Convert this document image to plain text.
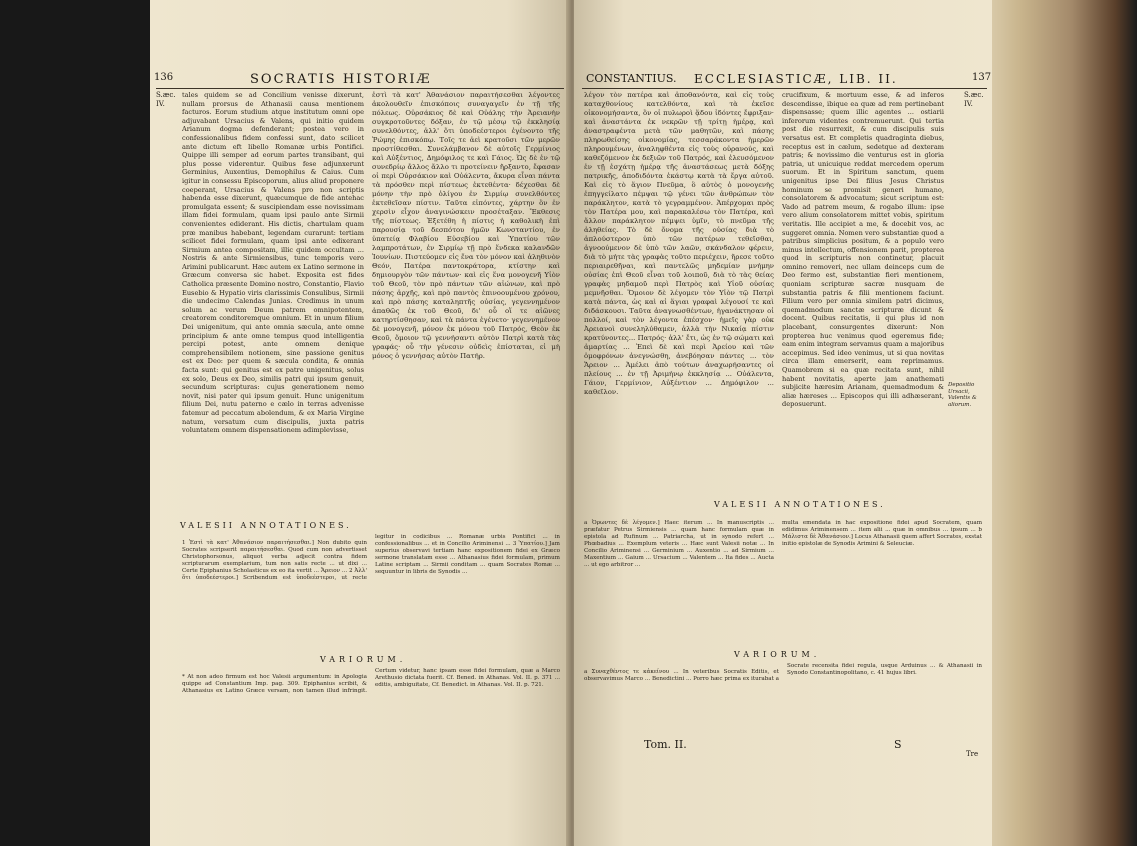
136	SOCRATIS HISTORIÆ
S.æc.
IV.

tales quidem se ad Concilium venisse dixerunt, nullam prorsus de Athanasii causa mentionem facturos. Eorum studium atque institutum omni ope adjuvabant Ursacius & Valens, qui initio quidem Arianum dogma defenderant; postea vero in confessionalibus fidem confessi sunt, dato scilicet ante dictum eft libello Romanæ urbis Pontifici. Quippe illi semper ad eorum partes transibant, qui plus posse viderentur. Quibus fese adjunxerunt Germinius, Auxentius, Demophilus & Caius. Cum igitur in consessu Episcoporum, alius aliud proponere coeperant, Ursacius & Valens pro non scriptis habenda esse dixerunt, quæcumque de fide antehac promulgata essent; & suscipiendam esse novissimam illam fidei formulam, quam ipsi paulo ante Sirmii convenientes ediderant. His dictis, chartulam quam præ manibus habebant, legendam curarunt: tertiam scilicet fidei formulam, quam ipsi ante edixerant Sirmium antea compositam, illic quidem occultam ... Nostris & ante Sirmiensibus, tunc temporis vero Arimini publicarunt. Hæc autem ex Latino sermone in Græcum conversa sic habet. Exposita est fides Catholica præsente Domino nostro, Constantio, Flavio Eusebio & Hypatio viris clarissimis Consulibus, Sirmii die undecimo Calendas Junias. Credimus in unum solum ac verum Deum patrem omnipotentem, creatorem conditoremque omnium. Et in unum filium Dei unigenitum, qui ante omnia sæcula, ante omne principium & ante omne tempus quod intelligentia percipi potest, ante omnem denique comprehensibilem notionem, sine passione genitus est ex Deo: per quem & sæcula condita, & omnia facta sunt: qui genitus est ex patre unigenitus, solus ex solo, Deus ex Deo, similis patri qui ipsum genuit, secundum scripturas: cujus generationem nemo novit, nisi pater qui ipsum genuit. Hunc unigenitum filium Dei, nutu paterno e cælo in terras advenisse fatemur ad peccatum abolendum, & ex Maria Virgine natum, versatum cum discipulis, juxta patris voluntatem omnem dispensationem adimplevisse,

ἐστὶ τὰ κατ' Ἀθανάσιον παραιτήσεσθαι λέγοντες ἀκολουθεῖν ἐπισκόποις συναγαγεῖν ἐν τῇ τῆς πόλεως. Οὐρσάκιος δὲ καὶ Οὐάλης τὴν Ἀρειανὴν συγκροτοῦντες δόξαν, ἐν τῷ μέσῳ τῷ ἐκκλησίᾳ συνελθόντες, ἀλλ' ὅτι ὑποδεέστεροι ἐγένοντο τῆς Ῥώμης ἐπισκόπῳ. Τοῖς τε ἀεὶ κρατοῦσι τῶν μερῶν προστίθεσθαι. Συνελάμβανον δὲ αὐτοῖς Γερμίνιος καὶ Αὐξέντιος, Δημόφιλος τε καὶ Γάιος. Ὡς δὲ ἐν τῷ συνεδρίῳ ἄλλος ἄλλο τι προτείνειν ἤρξαντο, ἔφασαν οἱ περὶ Οὐρσάκιον καὶ Οὐάλεντα, ἄκυρα εἶναι πάντα τὰ πρόσθεν περὶ πίστεως ἐκτεθέντα· δέχεσθαι δὲ μόνην τὴν πρὸ ὀλίγου ἐν Σιρμίῳ συνελθόντες ἐκτεθεῖσαν πίστιν. Ταῦτα εἰπόντες, χάρτην ὃν ἐν χερσὶν εἶχον ἀναγινώσκειν προσέταξαν. Ἔκθεσις τῆς πίστεως. Ἐξετέθη ἡ πίστις ἡ καθολικὴ ἐπὶ παρουσίᾳ τοῦ δεσπότου ἡμῶν Κωνσταντίου, ἐν ὑπατείᾳ Φλαβίου Εὐσεβίου καὶ Ὑπατίου τῶν λαμπροτάτων, ἐν Σιρμίῳ τῇ πρὸ ἕνδεκα καλανδῶν Ἰουνίων. Πιστεύομεν εἰς ἕνα τὸν μόνον καὶ ἀληθινὸν Θεόν, Πατέρα παντοκράτορα, κτίστην καὶ δημιουργὸν τῶν πάντων· καὶ εἰς ἕνα μονογενῆ Υἱὸν τοῦ Θεοῦ, τὸν πρὸ πάντων τῶν αἰώνων, καὶ πρὸ πάσης ἀρχῆς, καὶ πρὸ παντὸς ἐπινοουμένου χρόνου, καὶ πρὸ πάσης καταληπτῆς οὐσίας, γεγεννημένον ἀπαθῶς ἐκ τοῦ Θεοῦ, δι' οὗ οἵ τε αἰῶνες κατηρτίσθησαν, καὶ τὰ πάντα ἐγένετο· γεγεννημένον δὲ μονογενῆ, μόνον ἐκ μόνου τοῦ Πατρός, Θεὸν ἐκ Θεοῦ, ὅμοιον τῷ γεννήσαντι αὐτὸν Πατρὶ κατὰ τὰς γραφάς· οὗ τὴν γένεσιν οὐδεὶς ἐπίσταται, εἰ μὴ μόνος ὁ γεννήσας αὐτὸν Πατήρ.

VALESII ANNOTATIONES.

1 Ἐστὶ τὰ κατ' Ἀθανάσιον παραιτήσεσθαι.] Non dubito quin Socrates scripserit παραιτήσεσθαι. Quod cum non advertisset Christophorsonus, aliquot verba adjecit contra fidem scripturarum exemplarium, tum non satis recte ... ut dixi ... Certe Epiphanius Scholasticus ex eo ita vertit ... Ἄρειον ... 2 Ἀλλ' ὅτι ὑποδεέστεροι.] Scribendum est ὑποδεέστεροι, ut recte legitur in codicibus ... Romanæ urbis Pontifici ... in confessionalibus ... et in Concilio Ariminensi ... 3 Ὑπατίου.] Jam superius observavi tertiam hanc expositionem fidei ex Græco sermone translatam esse ... Athanasius fidei formulam, primum Latine scriptam ... Sirmii conditam ... quam Socrates Romæ ... sequuntur in libris de Synodis ...

VARIORUM.

* At non adeo firmum est hoc Valesii argumentum: in Apologia quippe ad Constantium Imp. pag. 309. Epiphanius scribit, & Athanasius ex Latino Græce versam, non tamen illud infringit. Certum videtur, hanc ipsam esse fidei formulam, quæ a Marco Arethusio dictata fuerit. Cf. Bened. in Athanas. Vol. II. p. 371 ... editis, ambiguitate, Cf. Benedict. in Athanas. Vol. II. p. 721.

CONSTANTIUS. ECCLESIASTICÆ, LIB. II.	137
S.æc.
IV.

λέγον τὸν πατέρα καὶ ἀποθανόντα, καὶ εἰς τοὺς καταχθονίους κατελθόντα, καὶ τὰ ἐκεῖσε οἰκονομήσαντα, ὃν οἱ πυλωροὶ ᾅδου ἰδόντες ἔφριξαν· καὶ ἀναστάντα ἐκ νεκρῶν τῇ τρίτῃ ἡμέρᾳ, καὶ ἀναστραφέντα μετὰ τῶν μαθητῶν, καὶ πάσης πληρωθείσης οἰκονομίας, τεσσαράκοντα ἡμερῶν πληρουμένων, ἀναληφθέντα εἰς τοὺς οὐρανούς, καὶ καθεζόμενον ἐκ δεξιῶν τοῦ Πατρός, καὶ ἐλευσόμενον ἐν τῇ ἐσχάτῃ ἡμέρᾳ τῆς ἀναστάσεως μετὰ δόξης πατρικῆς, ἀποδιδόντα ἑκάστῳ κατὰ τὰ ἔργα αὐτοῦ. Καὶ εἰς τὸ ἅγιον Πνεῦμα, ὃ αὐτὸς ὁ μονογενὴς ἐπηγγείλατο πέμψαι τῷ γένει τῶν ἀνθρώπων τὸν παράκλητον, κατὰ τὸ γεγραμμένον. Ἀπέρχομαι πρὸς τὸν Πατέρα μου, καὶ παρακαλέσω τὸν Πατέρα, καὶ ἄλλον παράκλητον πέμψει ὑμῖν, τὸ πνεῦμα τῆς ἀληθείας. Τὸ δὲ ὄνομα τῆς οὐσίας διὰ τὸ ἁπλούστερον ὑπὸ τῶν πατέρων τεθεῖσθαι, ἀγνοούμενον δὲ ὑπὸ τῶν λαῶν, σκάνδαλον φέρειν, διὰ τὸ μήτε τὰς γραφὰς τοῦτο περιέχειν, ἤρεσε τοῦτο περιαιρεθῆναι, καὶ παντελῶς μηδεμίαν μνήμην οὐσίας ἐπὶ Θεοῦ εἶναι τοῦ λοιποῦ, διὰ τὸ τὰς θείας γραφὰς μηδαμοῦ περὶ Πατρὸς καὶ Υἱοῦ οὐσίας μεμνῆσθαι. Ὅμοιον δὲ λέγομεν τὸν Υἱὸν τῷ Πατρὶ κατὰ πάντα, ὡς καὶ αἱ ἅγιαι γραφαὶ λέγουσί τε καὶ διδάσκουσι. Ταῦτα ἀναγνωσθέντων, ἠγανάκτησαν οἱ πολλοί, καὶ τὸν λέγοντα ἐπέσχον· ἡμεῖς γὰρ οὐκ Ἀρειανοὶ συνεληλύθαμεν, ἀλλὰ τὴν Νικαίᾳ πίστιν κρατύνοντες... Πατρός· ἀλλ' ἔτι, ὡς ἐν τῷ σώματι καὶ ἁμαρτίας ... Ἐπεὶ δὲ καὶ περὶ Ἀρείου καὶ τῶν ὁμοφρόνων ἀνεγνώσθη, ἀνεβόησαν πάντες ... τὸν Ἄρειον ... Ἀμέλει ἀπὸ τούτων ἀναχωρήσαντες οἱ πλείους ... ἐν τῇ Ἀριμήνῳ ἐκκλησίᾳ ... Οὐάλεντα, Γάιον, Γερμίνιον, Αὐξέντιον ... Δημόφιλον ... καθεῖλον.

crucifixum, & mortuum esse, & ad inferos descendisse, ibique ea quæ ad rem pertinebant dispensasse; quem illic agentes ... ostiarii inferorum videntes contremuerunt. Qui tertia post die resurrexit, & cum discipulis suis versatus est. Et completis quadraginta diebus, receptus est in cælum, sedetque ad dexteram patris; & novissimo die venturus est in gloria patria, ut unicuique reddat mercedem operum suorum. Et in Spiritum sanctum, quem unigenitus ipse Dei filius Jesus Christus hominum se promisit generi humano, consolatorem & advocatum; sicut scriptum est: Vado ad patrem meum, & rogabo illum: ipse vero alium consolatorem mittet vobis, spiritum veritatis. Ille accipiet a me, & docebit vos, ac suggeret omnia. Nomen vero substantiæ quod a patribus simplicius positum, & a populo vero minus intellectum, offensionem parit, propterea quod in scripturis non continetur, placuit omnino removeri, nec ullam deinceps cum de Deo fermo est, substantiæ fieri mentionem, quoniam scripturæ sacræ nusquam de substantia patris & filii mentionem faciunt. Filium vero per omnia similem patri dicimus, quemadmodum sanctæ scripturæ dicunt & docent. Quibus recitatis, ii qui plus id non placebant, consurgentes dixerunt: Non propterea huc venimus quod egeremus fide; eam enim integram servamus quam a majoribus accepimus. Sed ideo venimus, ut si qua novitas circa illam emerserit, eam reprimamus. Quamobrem si ea quæ recitata sunt, nihil habent novitatis, aperte jam anathemati subjicite hæresim Arianam, quemadmodum & aliæ hæreses ... Episcopos qui illi adhæserant, deposuerunt.

Depositio Ursacii, Valentis & aliorum.
VALESII ANNOTATIONES.

a Ὁρωντες δὲ λέγομεν.] Haec iterum ... In manuscriptis ... præfatur Petrus Sirmiensis ... quam hanc formulam quæ in epistola ad Rufinum ... Patriarcha, ut in synodo refert ... Phœbadius ... Exemplum veteris ... Hæc sunt Valesii notæ ... In Concilio Ariminensi ... Germinium ... Auxentio ... ad Sirmium ... Maxentium ... Gaium ... Ursacium ... Valentem ... Ita fides ... Aucta ... ut ego arbitror ...

multa emendata in hac expositione fidei apud Socratem, quam edidimus Ariminensem ... item alii ... quæ in omnibus ... ipsum ... b Μάλιστα δὲ Ἀθανάσιον.] Locus Athanasii quem affert Socrates, exstat initio epistolæ de Synodis Arimini & Seleuciæ.

VARIORUM.

a Συναχθέντος τε κἀκείνου ... In veteribus Socratis Editis, et observavimus Marco ... Benedictini ... Porro hæc prima ex iturabat a Socrate recensita fidei regula, usque Arduinus ... & Athanasii in Synodo Constantinopolitano, c. 41 hujus libri.

Tom. II.	S
Tre
